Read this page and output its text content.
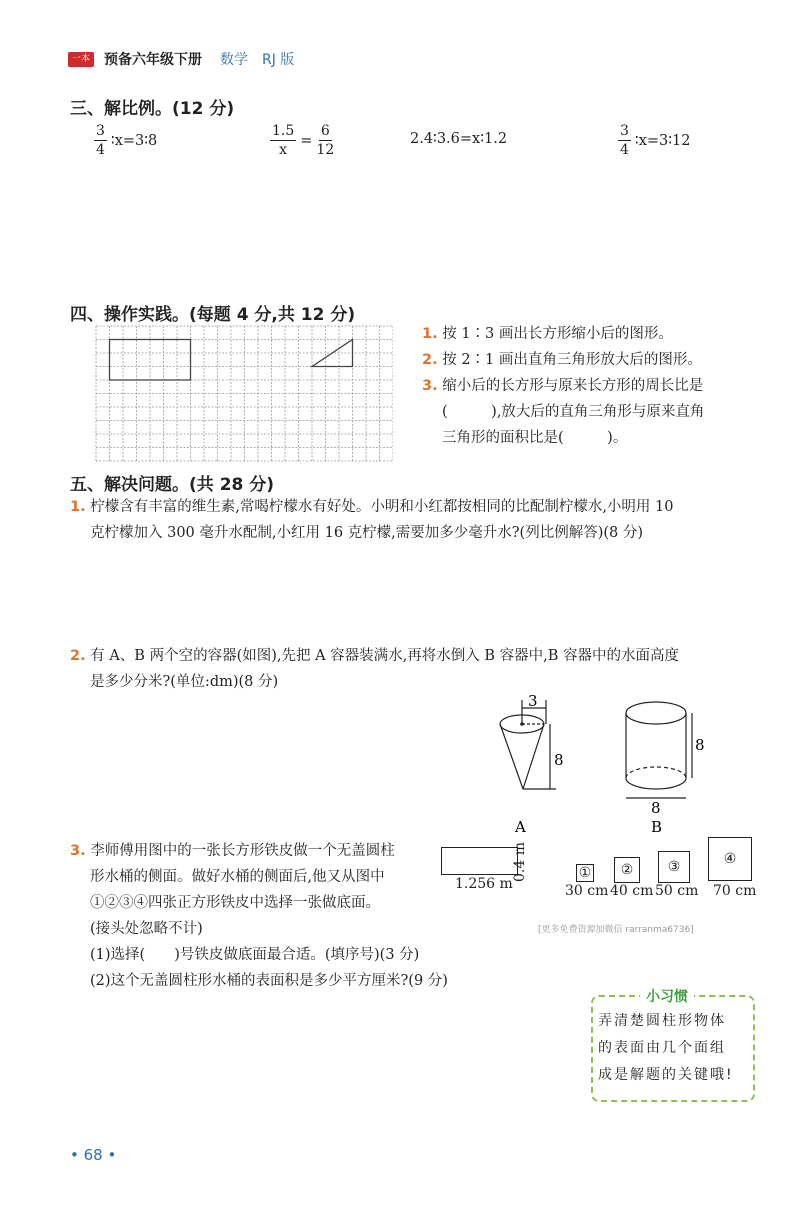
一本 预备六年级下册 数学 RJ 版
三、解比例。(12 分)
$\frac{3}{4}$ ∶x=3∶8	$\frac{1.5}{x} = \frac{6}{12}$	2.4∶3.6=x∶1.2	$\frac{3}{4}$ ∶x=3∶12
四、操作实践。(每题 4 分,共 12 分)
1. 按 1∶3 画出长方形缩小后的图形。
2. 按 2∶1 画出直角三角形放大后的图形。
3. 缩小后的长方形与原来长方形的周长比是
(　　　),放大后的直角三角形与原来直角
三角形的面积比是(　　　)。
五、解决问题。(共 28 分)
1. 柠檬含有丰富的维生素,常喝柠檬水有好处。小明和小红都按相同的比配制柠檬水,小明用 10
克柠檬加入 300 毫升水配制,小红用 16 克柠檬,需要加多少毫升水?(列比例解答)(8 分)
2. 有 A、B 两个空的容器(如图),先把 A 容器装满水,再将水倒入 B 容器中,B 容器中的水面高度
是多少分米?(单位:dm)(8 分)
3
8
A
8
8
B
3. 李师傅用图中的一张长方形铁皮做一个无盖圆柱
形水桶的侧面。做好水桶的侧面后,他又从图中
①②③④四张正方形铁皮中选择一张做底面。
(接头处忽略不计)
(1)选择(　　)号铁皮做底面最合适。(填序号)(3 分)
(2)这个无盖圆柱形水桶的表面积是多少平方厘米?(9 分)
1.256 m
0.4 m	①	②	③	④
30 cm 40 cm 50 cm 70 cm
[更多免费资源加微信 rarranma6736]
小习惯
弄清楚圆柱形物体
的表面由几个面组
成是解题的关键哦!
• 68 •
